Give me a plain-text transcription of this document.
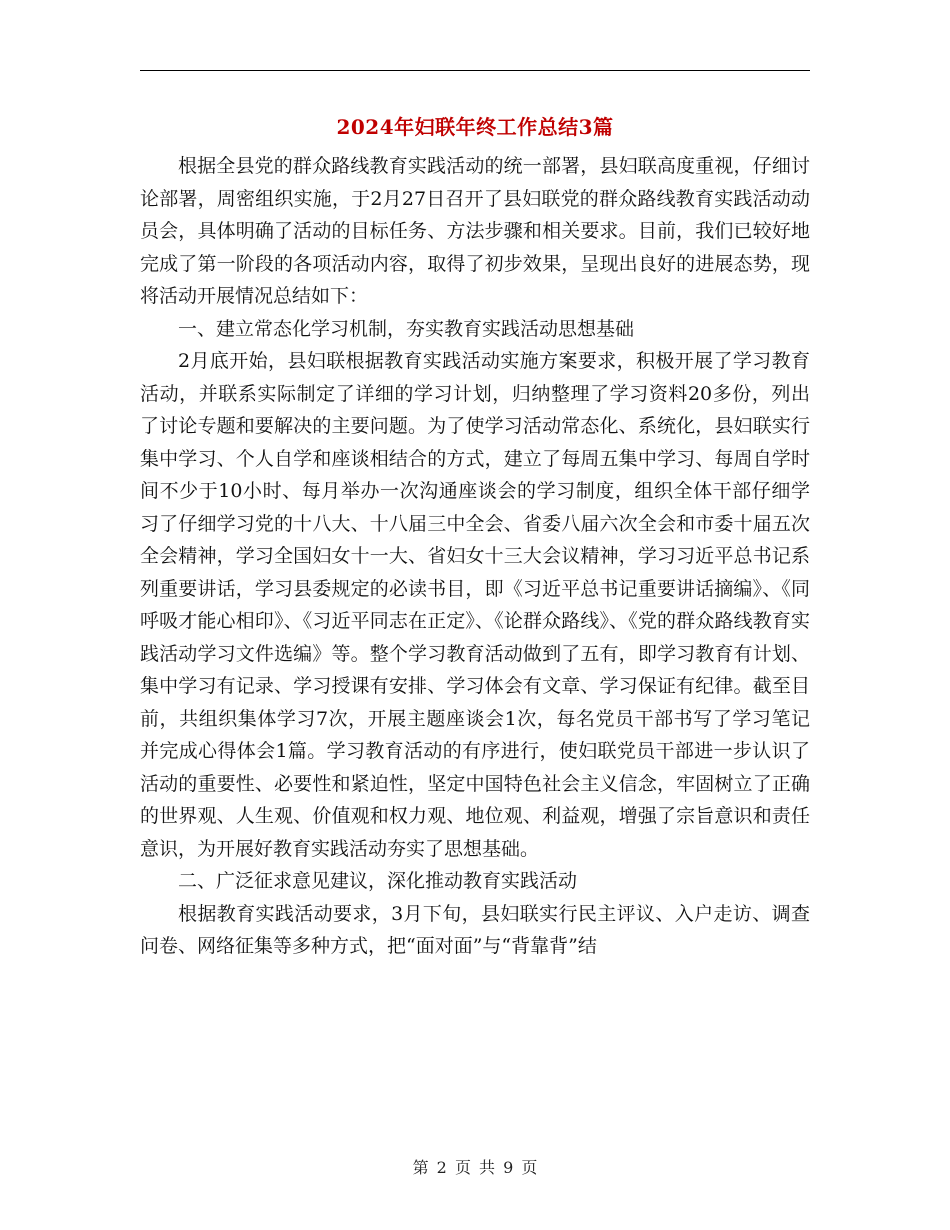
2024年妇联年终工作总结3篇

根据全县党的群众路线教育实践活动的统一部署，县妇联高度重视，仔细讨论部署，周密组织实施，于2月27日召开了县妇联党的群众路线教育实践活动动员会，具体明确了活动的目标任务、方法步骤和相关要求。目前，我们已较好地完成了第一阶段的各项活动内容，取得了初步效果，呈现出良好的进展态势，现将活动开展情况总结如下：

一、建立常态化学习机制，夯实教育实践活动思想基础

2月底开始，县妇联根据教育实践活动实施方案要求，积极开展了学习教育活动，并联系实际制定了详细的学习计划，归纳整理了学习资料20多份，列出了讨论专题和要解决的主要问题。为了使学习活动常态化、系统化，县妇联实行集中学习、个人自学和座谈相结合的方式，建立了每周五集中学习、每周自学时间不少于10小时、每月举办一次沟通座谈会的学习制度，组织全体干部仔细学习了仔细学习党的十八大、十八届三中全会、省委八届六次全会和市委十届五次全会精神，学习全国妇女十一大、省妇女十三大会议精神，学习习近平总书记系列重要讲话，学习县委规定的必读书目，即《习近平总书记重要讲话摘编》、《同呼吸才能心相印》、《习近平同志在正定》、《论群众路线》、《党的群众路线教育实践活动学习文件选编》等。整个学习教育活动做到了五有，即学习教育有计划、集中学习有记录、学习授课有安排、学习体会有文章、学习保证有纪律。截至目前，共组织集体学习7次，开展主题座谈会1次，每名党员干部书写了学习笔记并完成心得体会1篇。学习教育活动的有序进行，使妇联党员干部进一步认识了活动的重要性、必要性和紧迫性，坚定中国特色社会主义信念，牢固树立了正确的世界观、人生观、价值观和权力观、地位观、利益观，增强了宗旨意识和责任意识，为开展好教育实践活动夯实了思想基础。

二、广泛征求意见建议，深化推动教育实践活动

根据教育实践活动要求，3月下旬，县妇联实行民主评议、入户走访、调查问卷、网络征集等多种方式，把“面对面”与“背靠背”结

第 2 页 共 9 页
